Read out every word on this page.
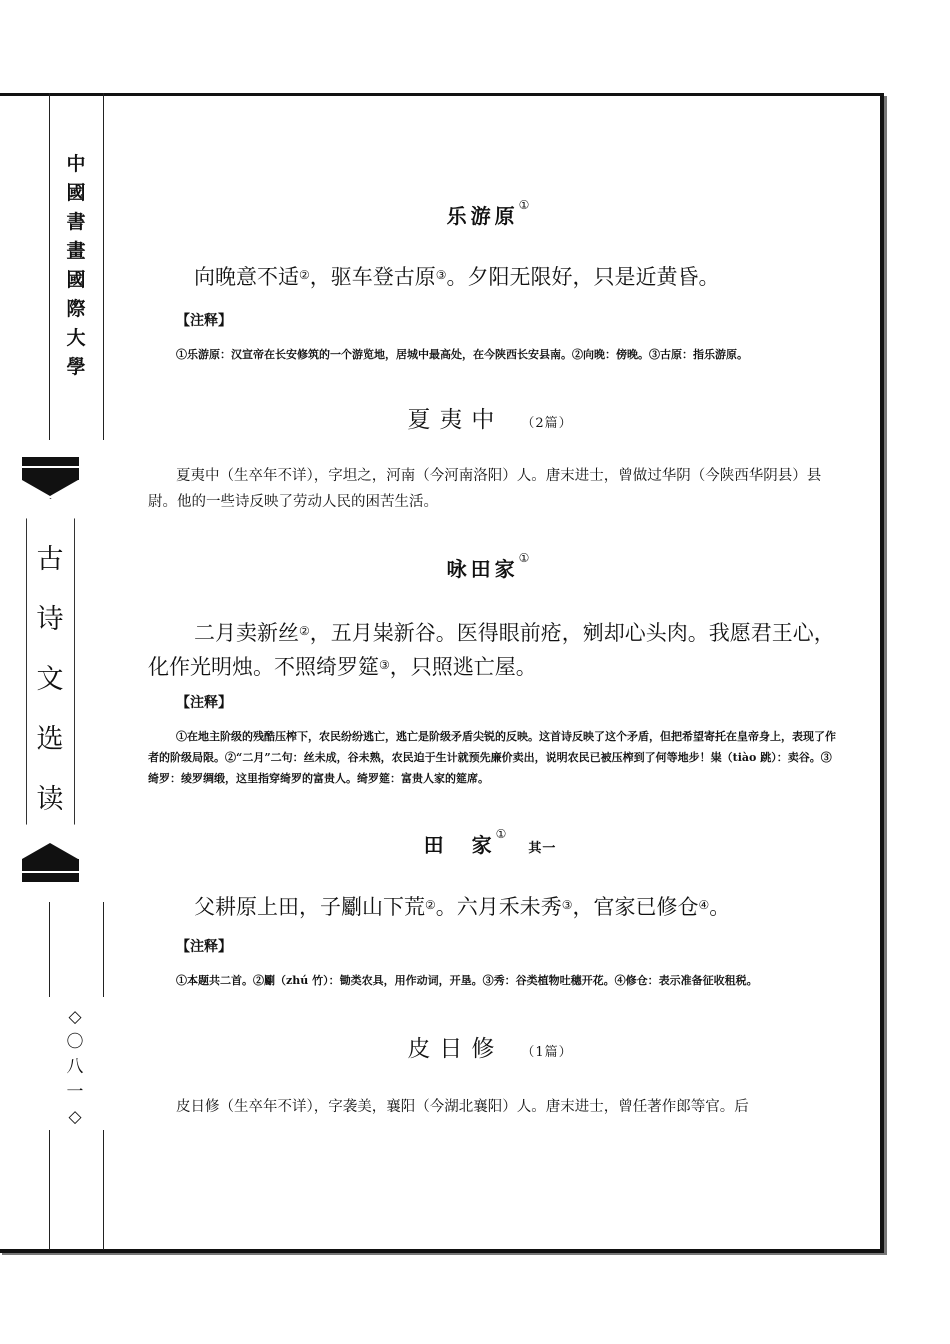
中國書畫國際大學
古
诗
文
选
读
◇
〇
八
一
◇
乐游原①
向晚意不适②，驱车登古原③。夕阳无限好，只是近黄昏。
【注释】
①乐游原：汉宣帝在长安修筑的一个游览地，居城中最高处，在今陕西长安县南。②向晚：傍晚。③古原：指乐游原。
夏夷中 （2篇）
夏夷中（生卒年不详），字坦之，河南（今河南洛阳）人。唐末进士，曾做过华阴（今陕西华阴县）县尉。他的一些诗反映了劳动人民的困苦生活。
咏田家①
二月卖新丝②，五月粜新谷。医得眼前疮，剜却心头肉。我愿君王心，化作光明烛。不照绮罗筵③，只照逃亡屋。
【注释】
①在地主阶级的残酷压榨下，农民纷纷逃亡，逃亡是阶级矛盾尖锐的反映。这首诗反映了这个矛盾，但把希望寄托在皇帝身上，表现了作者的阶级局限。②“二月”二句：丝未成，谷未熟，农民迫于生计就预先廉价卖出，说明农民已被压榨到了何等地步！粜（tiào 跳）：卖谷。③绮罗：绫罗绸缎，这里指穿绮罗的富贵人。绮罗筵：富贵人家的筵席。
田　家①其一
父耕原上田，子劚山下荒②。六月禾未秀③，官家已修仓④。
【注释】
①本题共二首。②劚（zhú 竹）：锄类农具，用作动词，开垦。③秀：谷类植物吐穗开花。④修仓：表示准备征收租税。
皮日修 （1篇）
皮日修（生卒年不详），字袭美，襄阳（今湖北襄阳）人。唐末进士，曾任著作郎等官。后
